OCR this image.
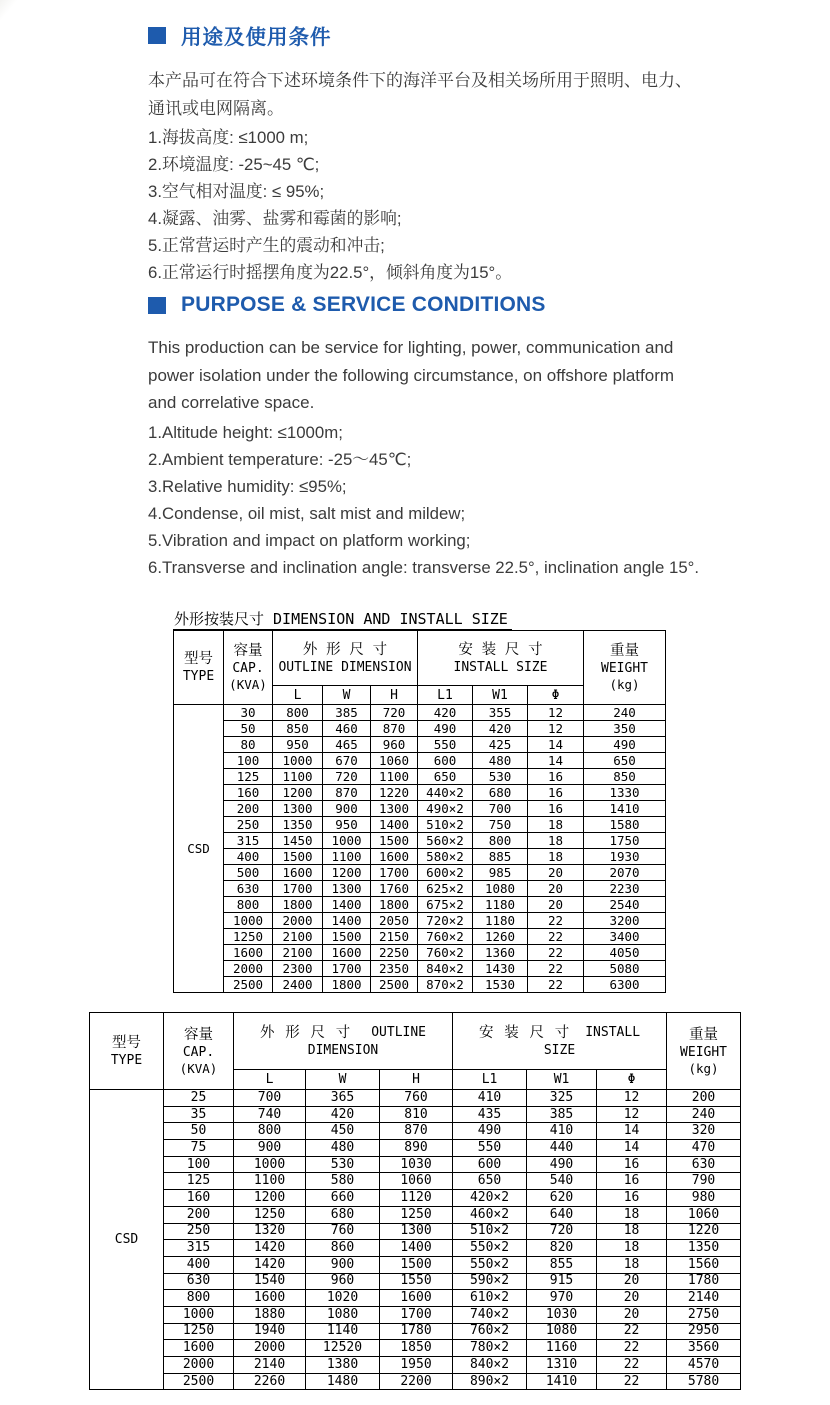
用途及使用条件
本产品可在符合下述环境条件下的海洋平台及相关场所用于照明、电力、
通讯或电网隔离。
1.海拔高度: ≤1000 m;
2.环境温度: -25~45 ℃;
3.空气相对温度: ≤ 95%;
4.凝露、油雾、盐雾和霉菌的影响;
5.正常营运时产生的震动和冲击;
6.正常运行时摇摆角度为22.5°，倾斜角度为15°。
PURPOSE & SERVICE CONDITIONS
This production can be service for lighting, power, communication and
power isolation under the following circumstance, on offshore platform
and correlative space.
1.Altitude height: ≤1000m;
2.Ambient temperature: -25～45℃;
3.Relative humidity: ≤95%;
4.Condense, oil mist, salt mist and mildew;
5.Vibration and impact on platform working;
6.Transverse and inclination angle: transverse 22.5°, inclination angle 15°.
外形按装尺寸 DIMENSION AND INSTALL SIZE
型号
TYPE

容量
CAP.
(KVA)

外 形 尺 寸
OUTLINE DIMENSION

安 装 尺 寸
INSTALL SIZE

重量
WEIGHT
(kg)

		L	W	H	L1	W1	Φ	
CSD	30	800	385	720	420	355	12	240
	50	850	460	870	490	420	12	350
	80	950	465	960	550	425	14	490
	100	1000	670	1060	600	480	14	650
	125	1100	720	1100	650	530	16	850
	160	1200	870	1220	440×2	680	16	1330
	200	1300	900	1300	490×2	700	16	1410
	250	1350	950	1400	510×2	750	18	1580
	315	1450	1000	1500	560×2	800	18	1750
	400	1500	1100	1600	580×2	885	18	1930
	500	1600	1200	1700	600×2	985	20	2070
	630	1700	1300	1760	625×2	1080	20	2230
	800	1800	1400	1800	675×2	1180	20	2540
	1000	2000	1400	2050	720×2	1180	22	3200
	1250	2100	1500	2150	760×2	1260	22	3400
	1600	2100	1600	2250	760×2	1360	22	4050
	2000	2300	1700	2350	840×2	1430	22	5080
	2500	2400	1800	2500	870×2	1530	22	6300
型号
TYPE

容量
CAP.
(KVA)

外 形 尺 寸 OUTLINE
DIMENSION

安 装 尺 寸 INSTALL
SIZE

重量
WEIGHT
(kg)

		L	W	H	L1	W1	Φ	
CSD	25	700	365	760	410	325	12	200
	35	740	420	810	435	385	12	240
	50	800	450	870	490	410	14	320
	75	900	480	890	550	440	14	470
	100	1000	530	1030	600	490	16	630
	125	1100	580	1060	650	540	16	790
	160	1200	660	1120	420×2	620	16	980
	200	1250	680	1250	460×2	640	18	1060
	250	1320	760	1300	510×2	720	18	1220
	315	1420	860	1400	550×2	820	18	1350
	400	1420	900	1500	550×2	855	18	1560
	630	1540	960	1550	590×2	915	20	1780
	800	1600	1020	1600	610×2	970	20	2140
	1000	1880	1080	1700	740×2	1030	20	2750
	1250	1940	1140	1780	760×2	1080	22	2950
	1600	2000	12520	1850	780×2	1160	22	3560
	2000	2140	1380	1950	840×2	1310	22	4570
	2500	2260	1480	2200	890×2	1410	22	5780
